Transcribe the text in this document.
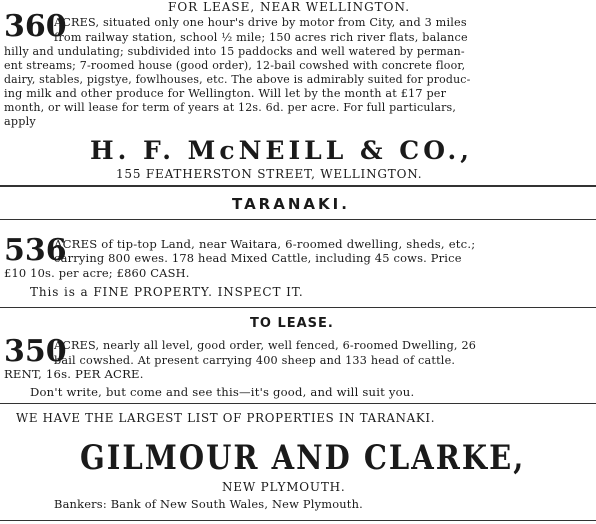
FOR LEASE, NEAR WELLINGTON.
360
ACRES, situated only one hour's drive by motor from City, and 3 miles
from railway station, school ½ mile; 150 acres rich river flats, balance
hilly and undulating; subdivided into 15 paddocks and well watered by perman-
ent streams; 7-roomed house (good order), 12-bail cowshed with concrete floor,
dairy, stables, pigstye, fowlhouses, etc. The above is admirably suited for produc-
ing milk and other produce for Wellington. Will let by the month at £17 per
month, or will lease for term of years at 12s. 6d. per acre. For full particulars,
apply
H. F. McNEILL & CO.,
155 FEATHERSTON STREET, WELLINGTON.
TARANAKI.
536
ACRES of tip-top Land, near Waitara, 6-roomed dwelling, sheds, etc.;
carrying 800 ewes. 178 head Mixed Cattle, including 45 cows. Price
£10 10s. per acre; £860 CASH.
This is a FINE PROPERTY. INSPECT IT.
TO LEASE.
350
ACRES, nearly all level, good order, well fenced, 6-roomed Dwelling, 26
bail cowshed. At present carrying 400 sheep and 133 head of cattle.
RENT, 16s. PER ACRE.
Don't write, but come and see this—it's good, and will suit you.
WE HAVE THE LARGEST LIST OF PROPERTIES IN TARANAKI.
GILMOUR AND CLARKE,
NEW PLYMOUTH.
Bankers: Bank of New South Wales, New Plymouth.
